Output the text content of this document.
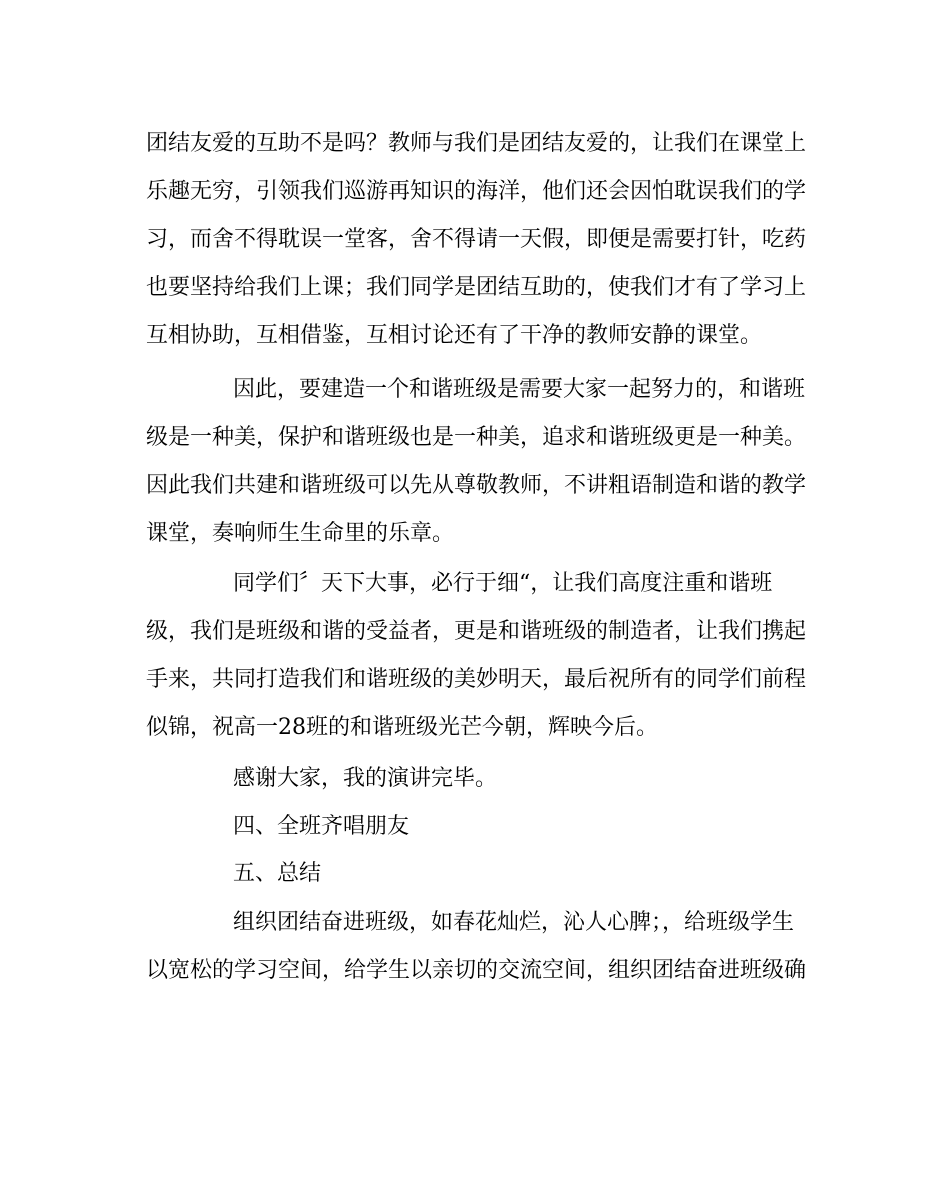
团结友爱的互助不是吗？教师与我们是团结友爱的，让我们在课堂上

乐趣无穷，引领我们巡游再知识的海洋，他们还会因怕耽误我们的学

习，而舍不得耽误一堂客，舍不得请一天假，即便是需要打针，吃药

也要坚持给我们上课；我们同学是团结互助的，使我们才有了学习上

互相协助，互相借鉴，互相讨论还有了干净的教师安静的课堂。

因此，要建造一个和谐班级是需要大家一起努力的，和谐班

级是一种美，保护和谐班级也是一种美，追求和谐班级更是一种美。

因此我们共建和谐班级可以先从尊敬教师，不讲粗语制造和谐的教学

课堂，奏响师生生命里的乐章。

同学们〞天下大事，必行于细“，让我们高度注重和谐班

级，我们是班级和谐的受益者，更是和谐班级的制造者，让我们携起

手来，共同打造我们和谐班级的美妙明天，最后祝所有的同学们前程

似锦，祝高一28班的和谐班级光芒今朝，辉映今后。

感谢大家，我的演讲完毕。

四、全班齐唱朋友

五、总结

组织团结奋进班级，如春花灿烂，沁人心脾；，给班级学生

以宽松的学习空间，给学生以亲切的交流空间，组织团结奋进班级确
